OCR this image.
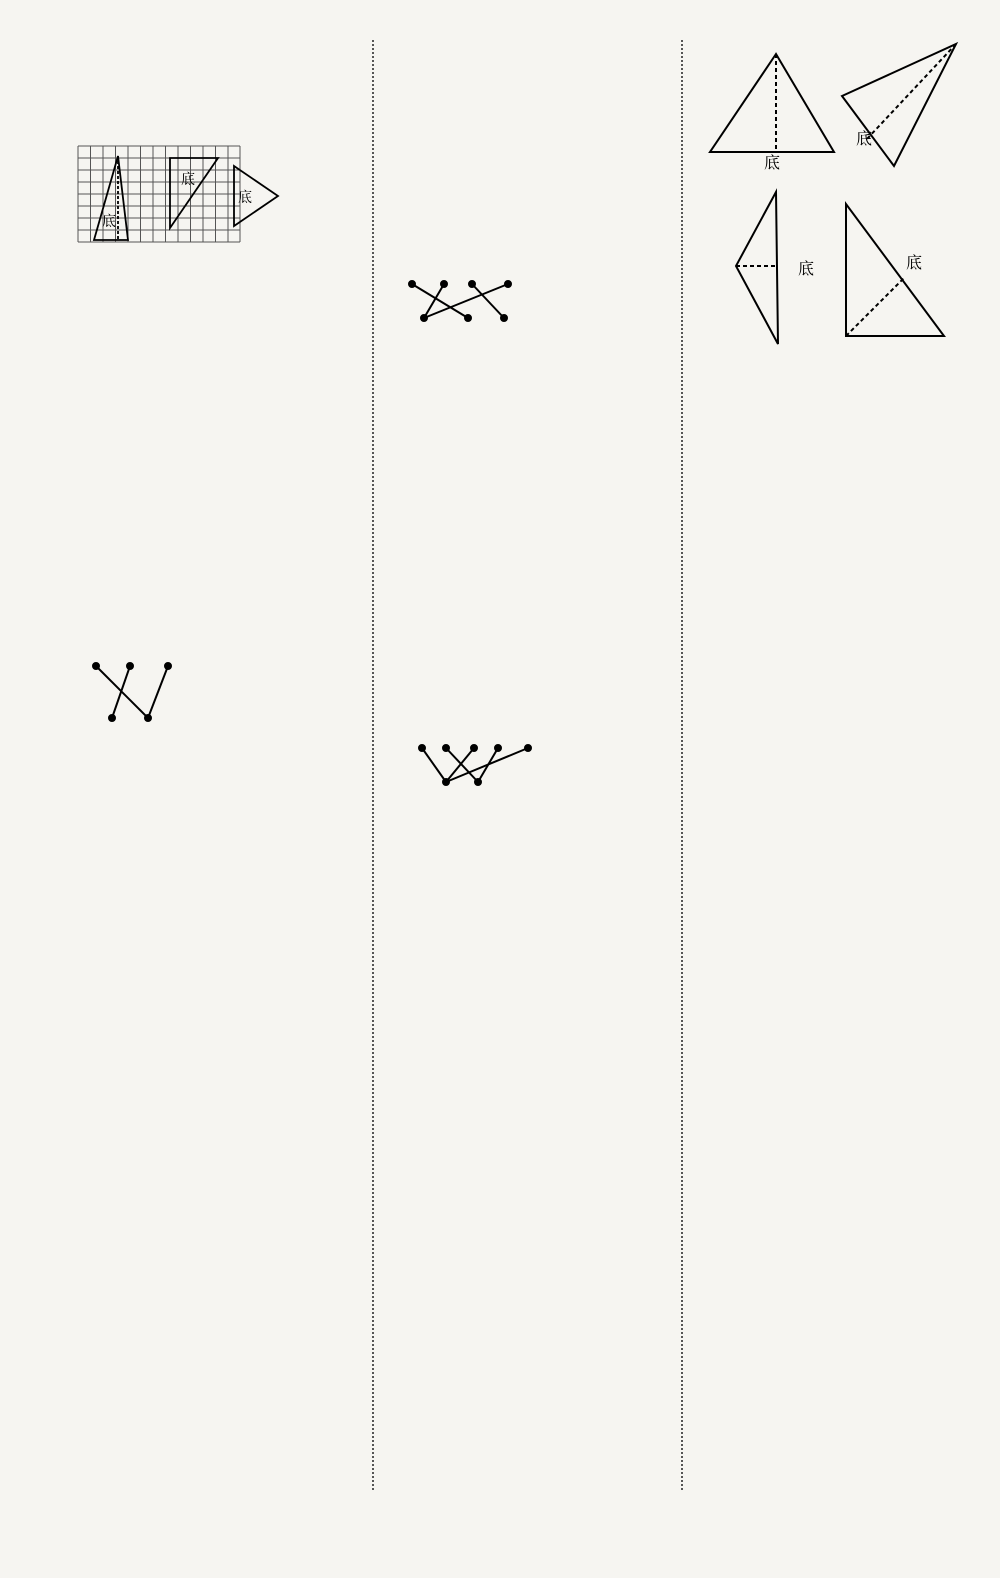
底
底
底
底
底
底	底
